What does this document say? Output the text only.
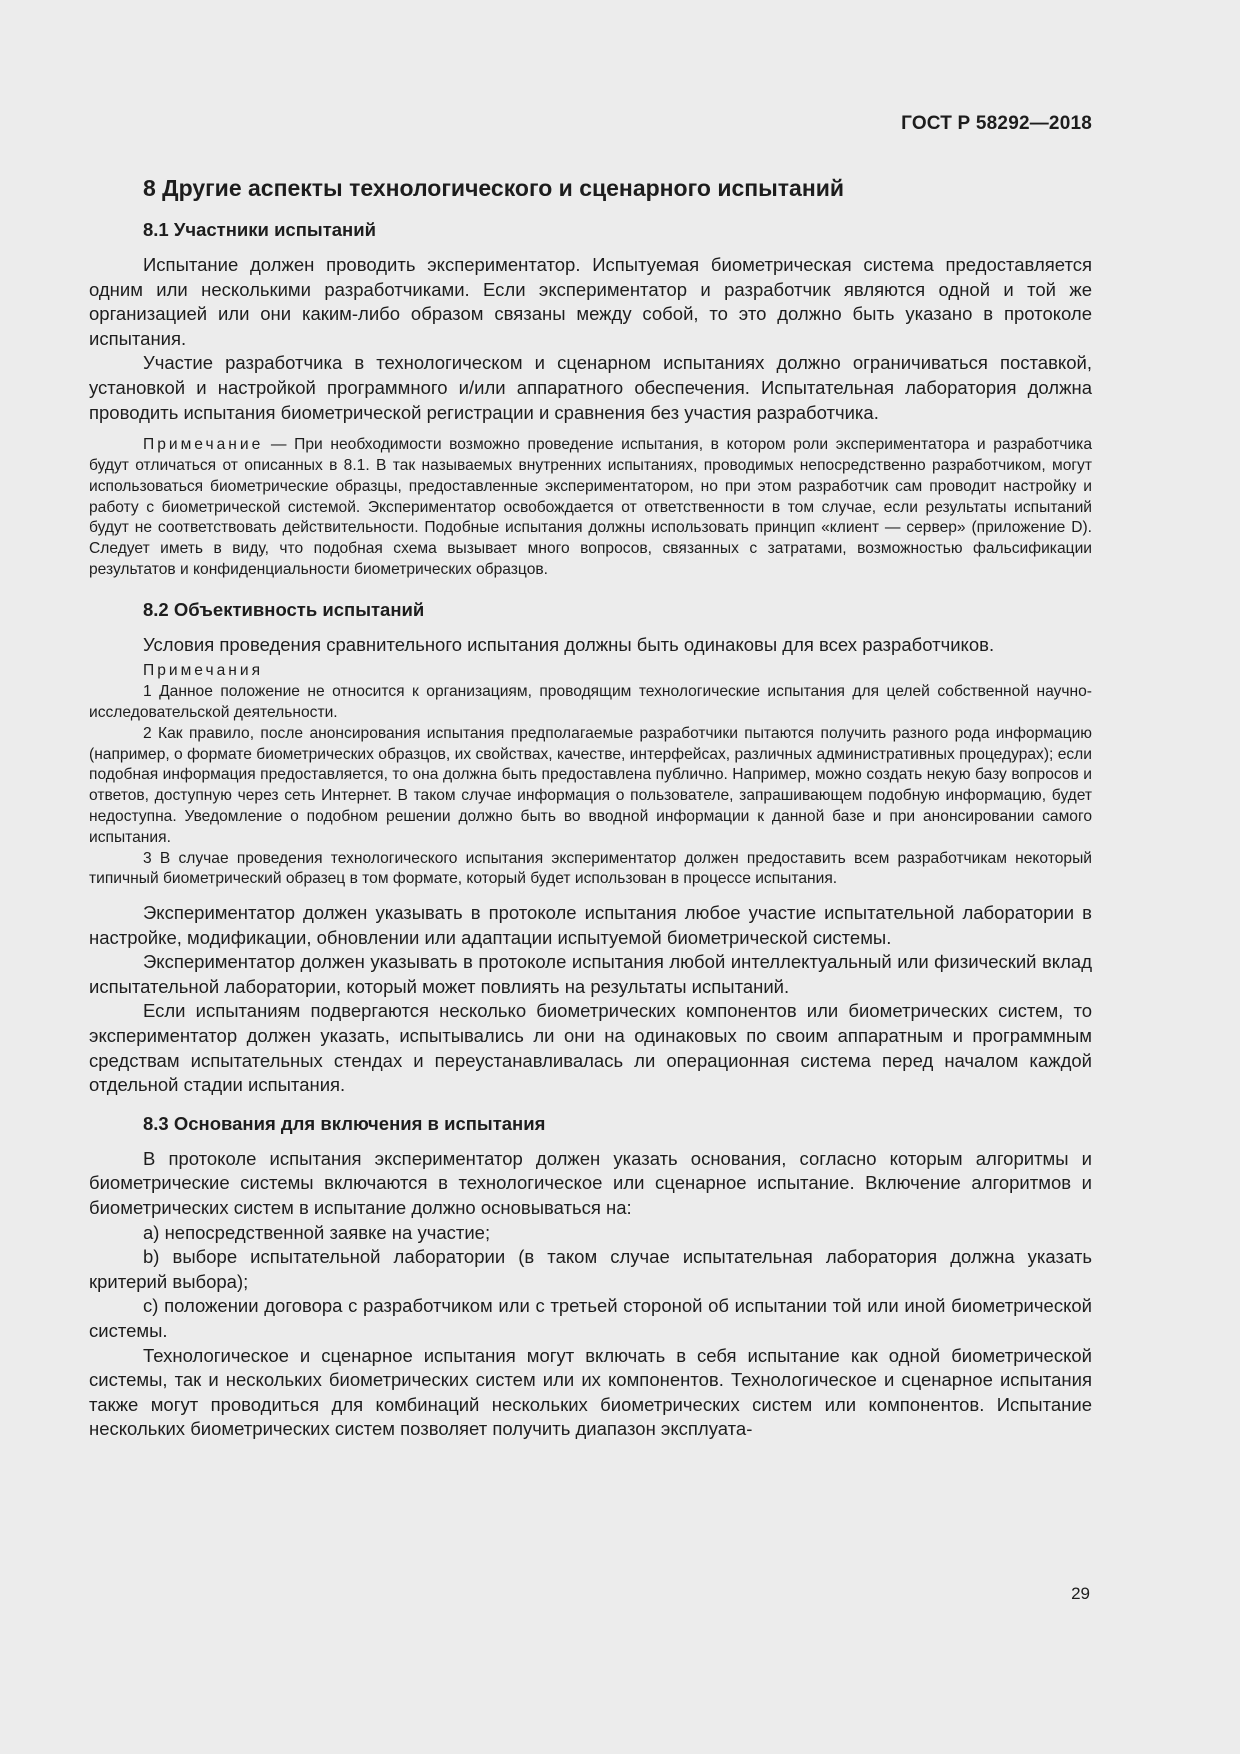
ГОСТ Р 58292—2018
8 Другие аспекты технологического и сценарного испытаний
8.1 Участники испытаний

Испытание должен проводить экспериментатор. Испытуемая биометрическая система предоставляется одним или несколькими разработчиками. Если экспериментатор и разработчик являются одной и той же организацией или они каким-либо образом связаны между собой, то это должно быть указано в протоколе испытания.

Участие разработчика в технологическом и сценарном испытаниях должно ограничиваться поставкой, установкой и настройкой программного и/или аппаратного обеспечения. Испытательная лаборатория должна проводить испытания биометрической регистрации и сравнения без участия разработчика.

Примечание — При необходимости возможно проведение испытания, в котором роли экспериментатора и разработчика будут отличаться от описанных в 8.1. В так называемых внутренних испытаниях, проводимых непосредственно разработчиком, могут использоваться биометрические образцы, предоставленные экспериментатором, но при этом разработчик сам проводит настройку и работу с биометрической системой. Экспериментатор освобождается от ответственности в том случае, если результаты испытаний будут не соответствовать действительности. Подобные испытания должны использовать принцип «клиент — сервер» (приложение D). Следует иметь в виду, что подобная схема вызывает много вопросов, связанных с затратами, возможностью фальсификации результатов и конфиденциальности биометрических образцов.

8.2 Объективность испытаний

Условия проведения сравнительного испытания должны быть одинаковы для всех разработчиков.

Примечания

1 Данное положение не относится к организациям, проводящим технологические испытания для целей собственной научно-исследовательской деятельности.

2 Как правило, после анонсирования испытания предполагаемые разработчики пытаются получить разного рода информацию (например, о формате биометрических образцов, их свойствах, качестве, интерфейсах, различных административных процедурах); если подобная информация предоставляется, то она должна быть предоставлена публично. Например, можно создать некую базу вопросов и ответов, доступную через сеть Интернет. В таком случае информация о пользователе, запрашивающем подобную информацию, будет недоступна. Уведомление о подобном решении должно быть во вводной информации к данной базе и при анонсировании самого испытания.

3 В случае проведения технологического испытания экспериментатор должен предоставить всем разработчикам некоторый типичный биометрический образец в том формате, который будет использован в процессе испытания.

Экспериментатор должен указывать в протоколе испытания любое участие испытательной лаборатории в настройке, модификации, обновлении или адаптации испытуемой биометрической системы.

Экспериментатор должен указывать в протоколе испытания любой интеллектуальный или физический вклад испытательной лаборатории, который может повлиять на результаты испытаний.

Если испытаниям подвергаются несколько биометрических компонентов или биометрических систем, то экспериментатор должен указать, испытывались ли они на одинаковых по своим аппаратным и программным средствам испытательных стендах и переустанавливалась ли операционная система перед началом каждой отдельной стадии испытания.

8.3 Основания для включения в испытания

В протоколе испытания экспериментатор должен указать основания, согласно которым алгоритмы и биометрические системы включаются в технологическое или сценарное испытание. Включение алгоритмов и биометрических систем в испытание должно основываться на:

а) непосредственной заявке на участие;

b) выборе испытательной лаборатории (в таком случае испытательная лаборатория должна указать критерий выбора);

с) положении договора с разработчиком или с третьей стороной об испытании той или иной биометрической системы.

Технологическое и сценарное испытания могут включать в себя испытание как одной биометрической системы, так и нескольких биометрических систем или их компонентов. Технологическое и сценарное испытания также могут проводиться для комбинаций нескольких биометрических систем или компонентов. Испытание нескольких биометрических систем позволяет получить диапазон эксплуата-

29
